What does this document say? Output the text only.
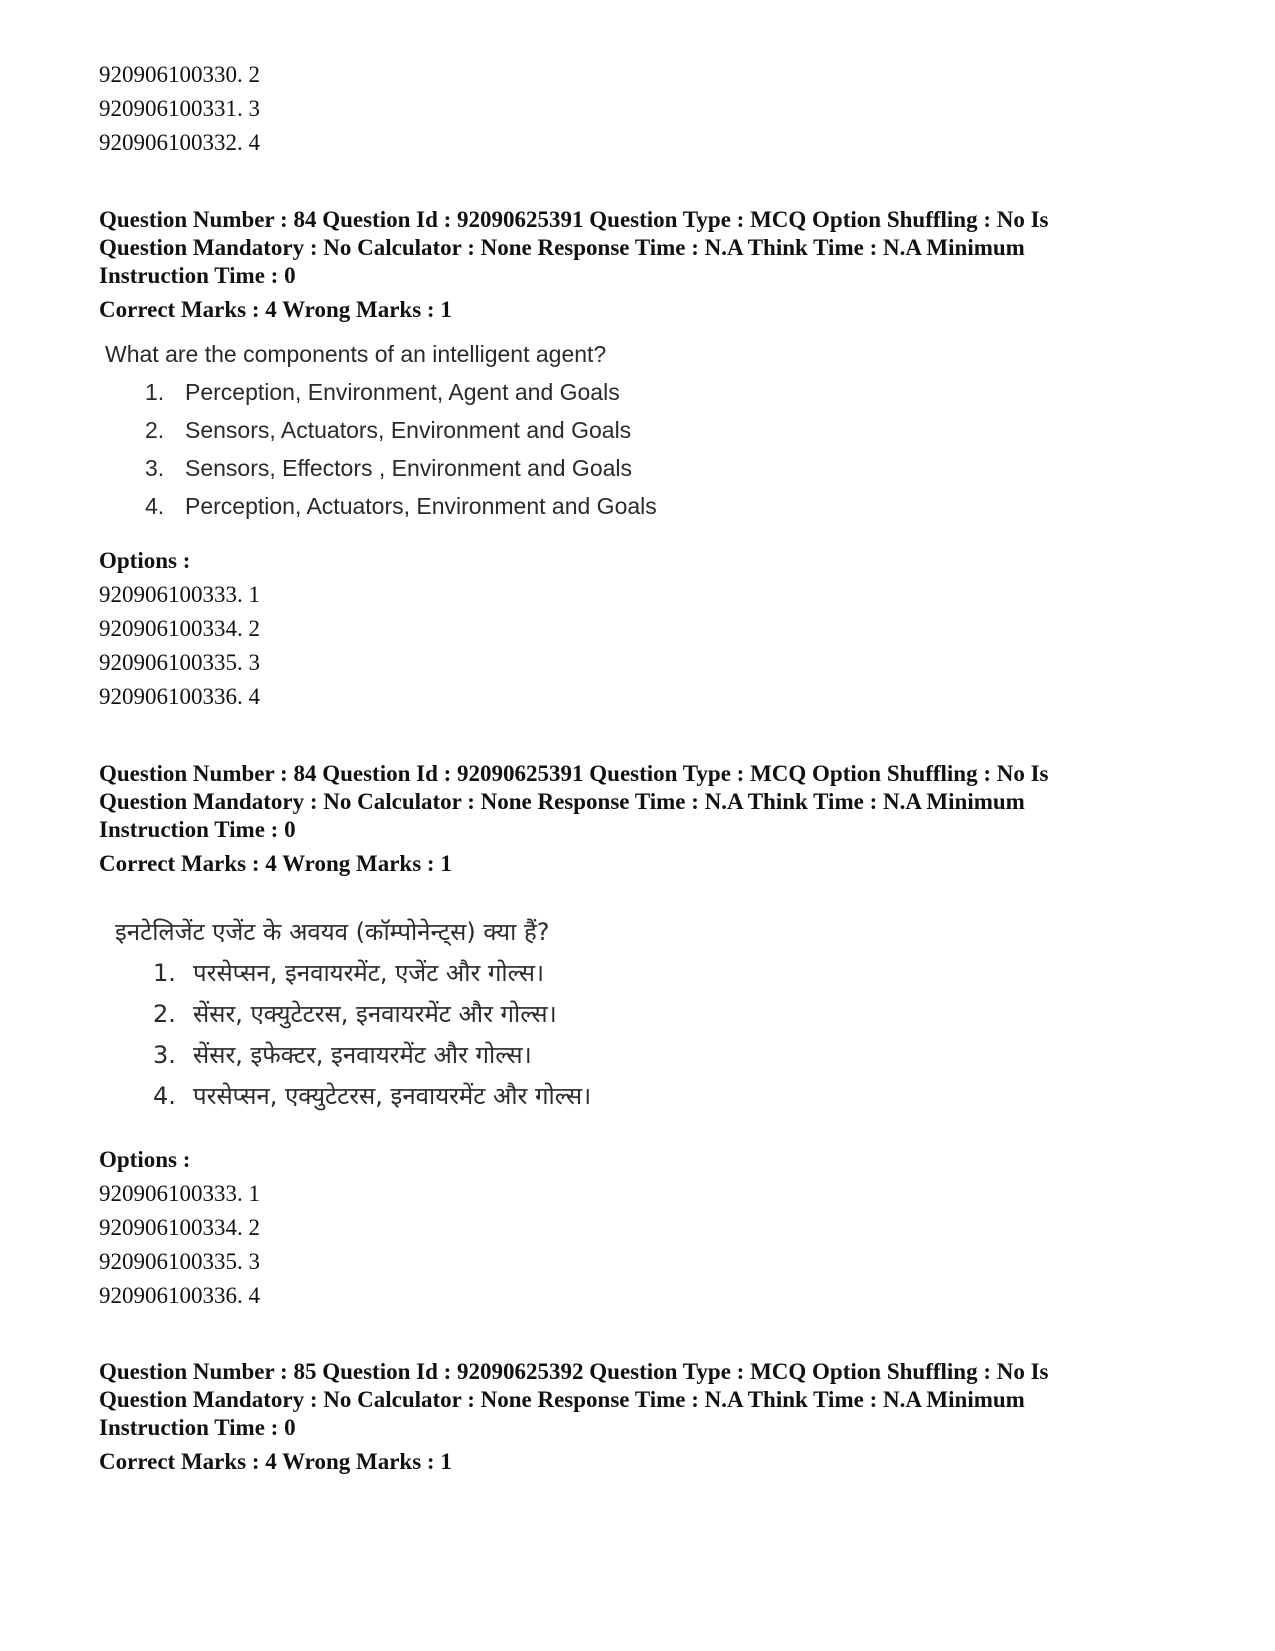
920906100330. 2

920906100331. 3

920906100332. 4

Question Number : 84 Question Id : 92090625391 Question Type : MCQ Option Shuffling : No Is

Question Mandatory : No Calculator : None Response Time : N.A Think Time : N.A Minimum

Instruction Time : 0

Correct Marks : 4 Wrong Marks : 1

What are the components of an intelligent agent?

1. Perception, Environment, Agent and Goals
2. Sensors, Actuators, Environment and Goals
3. Sensors, Effectors , Environment and Goals
4. Perception, Actuators, Environment and Goals

Options :

920906100333. 1

920906100334. 2

920906100335. 3

920906100336. 4

Question Number : 84 Question Id : 92090625391 Question Type : MCQ Option Shuffling : No Is

Question Mandatory : No Calculator : None Response Time : N.A Think Time : N.A Minimum

Instruction Time : 0

Correct Marks : 4 Wrong Marks : 1

इनटेलिजेंट एजेंट के अवयव (कॉम्पोनेन्ट्स) क्या हैं?

1. परसेप्सन, इनवायरमेंट, एजेंट और गोल्स।
2. सेंसर, एक्युटेटरस, इनवायरमेंट और गोल्स।
3. सेंसर, इफेक्टर, इनवायरमेंट और गोल्स।
4. परसेप्सन, एक्युटेटरस, इनवायरमेंट और गोल्स।

Options :

920906100333. 1

920906100334. 2

920906100335. 3

920906100336. 4

Question Number : 85 Question Id : 92090625392 Question Type : MCQ Option Shuffling : No Is

Question Mandatory : No Calculator : None Response Time : N.A Think Time : N.A Minimum

Instruction Time : 0

Correct Marks : 4 Wrong Marks : 1
